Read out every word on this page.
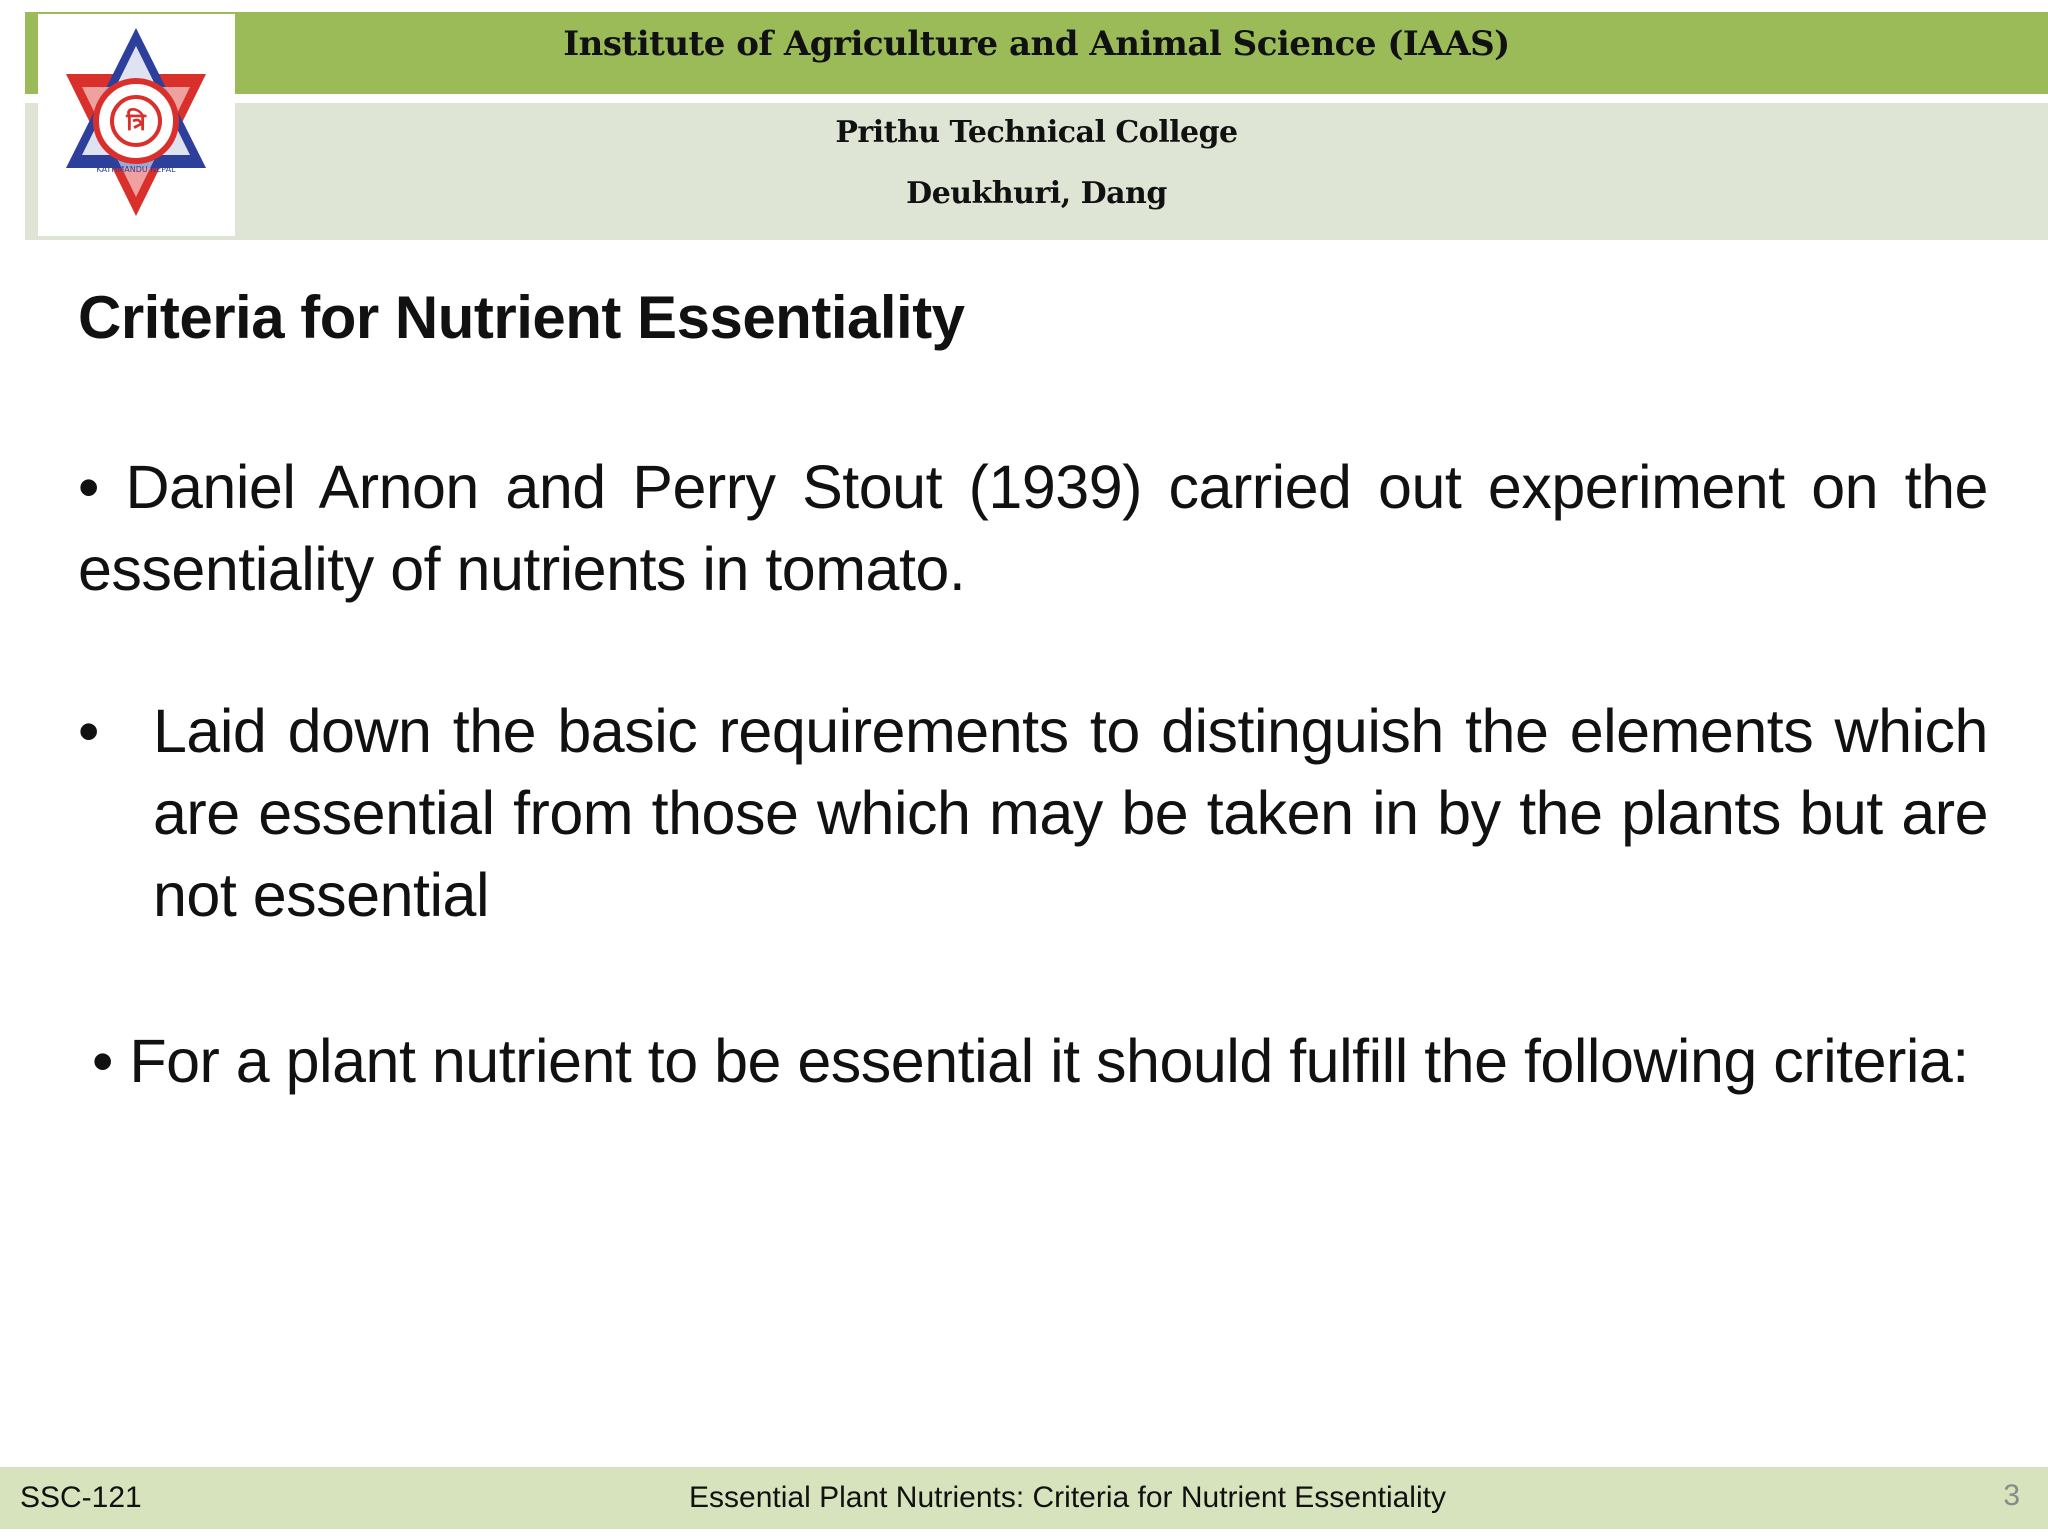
Institute of Agriculture and Animal Science (IAAS)
Prithu Technical College
Deukhuri, Dang
त्रि
KATHMANDU NEPAL
Criteria for Nutrient Essentiality
• Daniel Arnon and Perry Stout (1939) carried out experiment on the essentiality of nutrients in tomato.
• Laid down the basic requirements to distinguish the elements which are essential from those which may be taken in by the plants but are not essential
• For a plant nutrient to be essential it should fulfill the following criteria:
SSC-121	Essential Plant Nutrients: Criteria for Nutrient Essentiality	3
